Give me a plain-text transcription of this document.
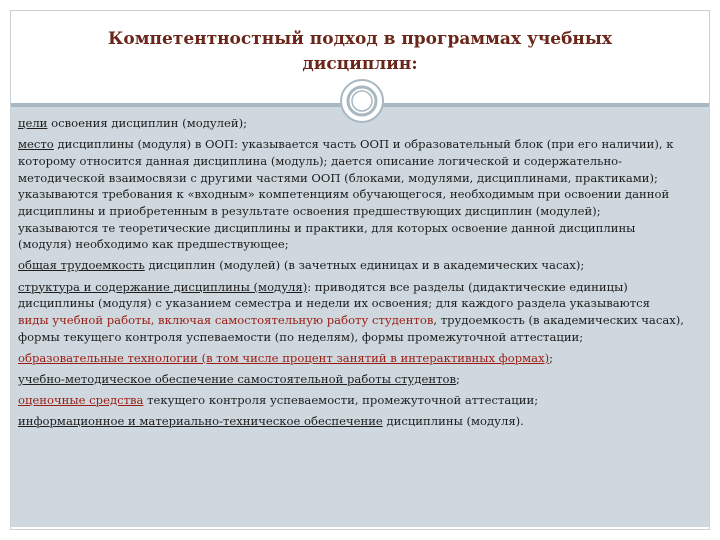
Компетентностный подход в программах учебных
дисциплин:
цели освоения дисциплин (модулей);
место дисциплины (модуля) в ООП: указывается часть ООП и образовательный блок (при его наличии), к которому относится данная дисциплина (модуль); дается описание логической и содержательно-методической взаимосвязи с другими частями ООП (блоками, модулями, дисциплинами, практиками); указываются требования к «входным» компетенциям обучающегося, необходимым при освоении данной дисциплины и приобретенным в результате освоения предшествующих дисциплин (модулей); указываются те теоретические дисциплины и практики, для которых освоение данной дисциплины (модуля) необходимо как предшествующее;
общая трудоемкость дисциплин (модулей) (в зачетных единицах и в академических часах);
структура и содержание дисциплины (модуля): приводятся все разделы (дидактические единицы) дисциплины (модуля) с указанием семестра и недели их освоения; для каждого раздела указываются виды учебной работы, включая самостоятельную работу студентов, трудоемкость (в академических часах), формы текущего контроля успеваемости (по неделям), формы промежуточной аттестации;
образовательные технологии (в том числе процент занятий в интерактивных формах);
учебно-методическое обеспечение самостоятельной работы студентов;
оценочные средства текущего контроля успеваемости, промежуточной аттестации;
информационное и материально-техническое обеспечение дисциплины (модуля).
